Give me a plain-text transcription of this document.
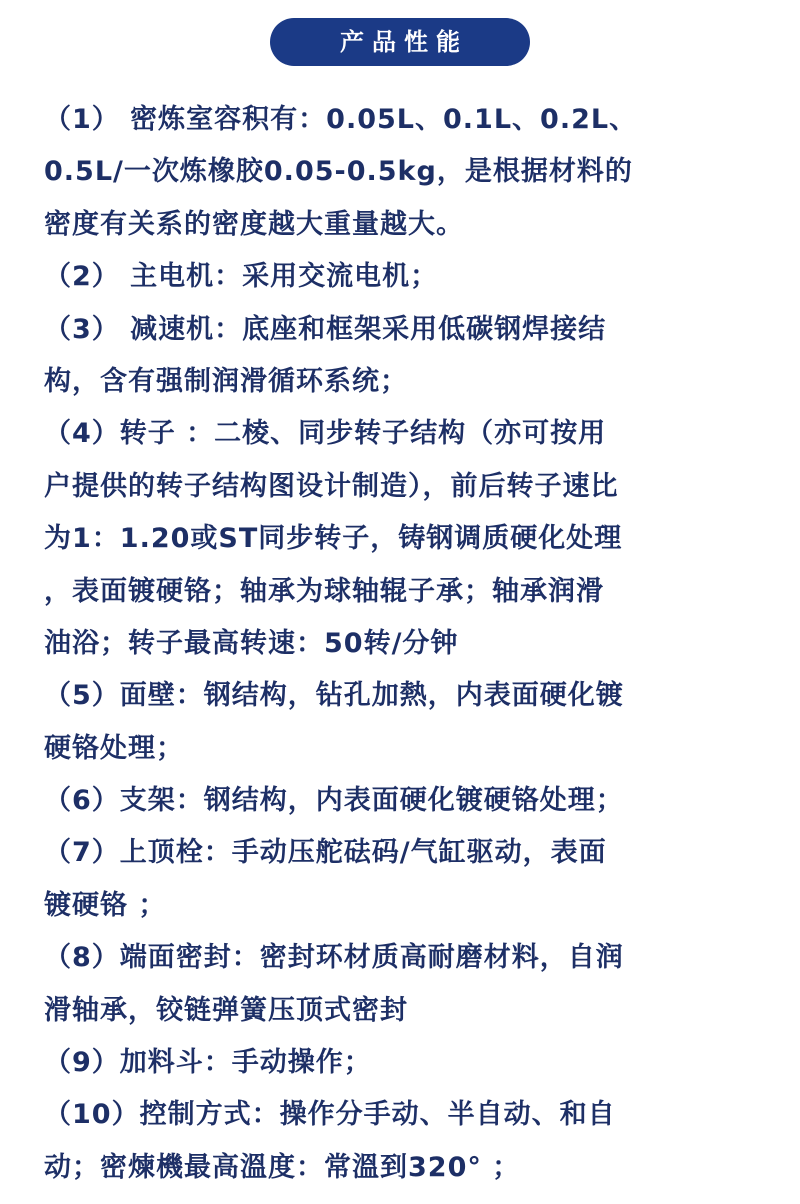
产品性能
（1） 密炼室容积有：0.05L、0.1L、0.2L、
0.5L/一次炼橡胶0.05-0.5kg，是根据材料的
密度有关系的密度越大重量越大。
（2） 主电机：采用交流电机；
（3） 减速机：底座和框架采用低碳钢焊接结
构，含有强制润滑循环系统；
（4）转子 ：二棱、同步转子结构（亦可按用
户提供的转子结构图设计制造），前后转子速比
为1：1.20或ST同步转子，铸钢调质硬化处理
，表面镀硬铬；轴承为球轴辊子承；轴承润滑
油浴；转子最高转速：50转/分钟
（5）面壁：钢结构，钻孔加熱，内表面硬化镀
硬铬处理；
（6）支架：钢结构，内表面硬化镀硬铬处理；
（7）上顶栓：手动压舵砝码/气缸驱动，表面
镀硬铬 ；
（8）端面密封：密封环材质高耐磨材料，自润
滑轴承，铰链弹簧压顶式密封
（9）加料斗：手动操作；
（10）控制方式：操作分手动、半自动、和自
动；密煉機最高溫度：常溫到320° ；
